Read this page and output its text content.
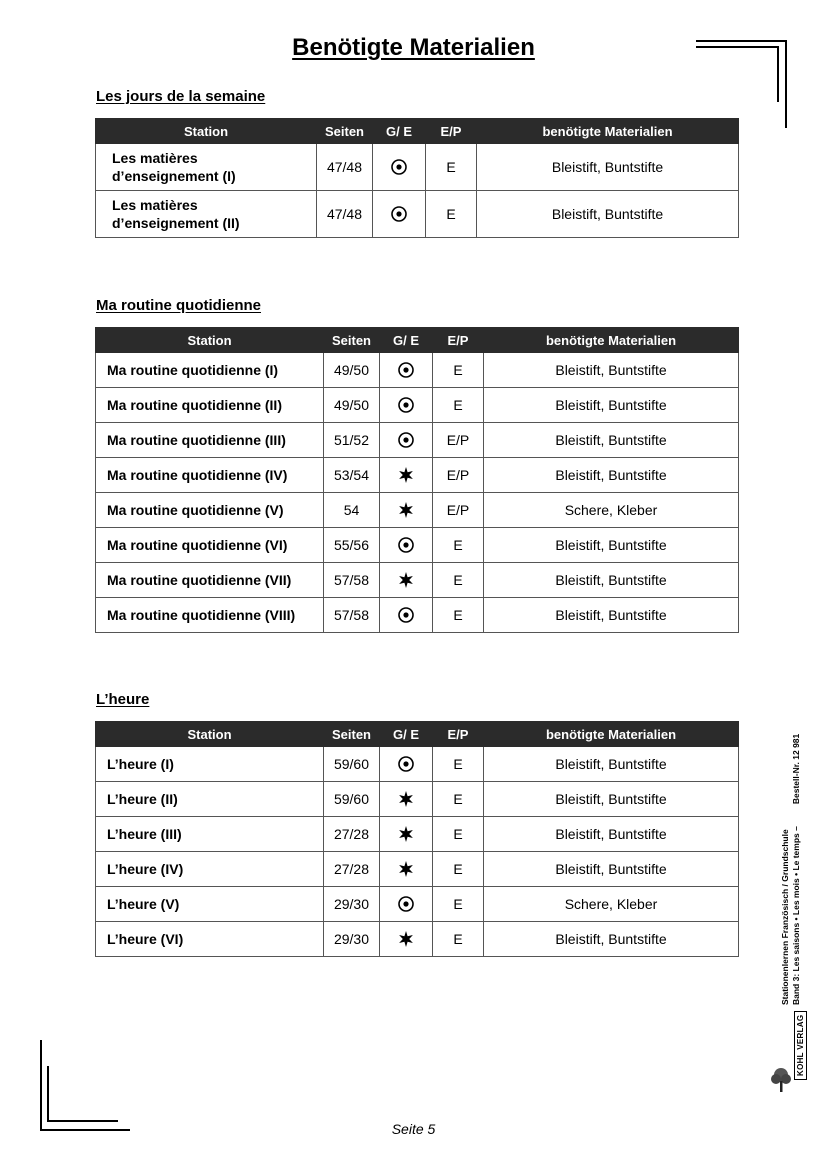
Benötigte Materialien
Les jours de la semaine
Station	Seiten	G/ E	E/P	benötigte Materialien

Les matières
d’enseignement (I)	47/48		E	Bleistift, Buntstifte

Les matières
d’enseignement (II)	47/48		E	Bleistift, Buntstifte
Ma routine quotidienne
Station	Seiten	G/ E	E/P	benötigte Materialien
Ma routine quotidienne (I)	49/50		E	Bleistift, Buntstifte
Ma routine quotidienne (II)	49/50		E	Bleistift, Buntstifte
Ma routine quotidienne (III)	51/52		E/P	Bleistift, Buntstifte
Ma routine quotidienne (IV)	53/54		E/P	Bleistift, Buntstifte
Ma routine quotidienne (V)	54		E/P	Schere, Kleber
Ma routine quotidienne (VI)	55/56		E	Bleistift, Buntstifte
Ma routine quotidienne (VII)	57/58		E	Bleistift, Buntstifte
Ma routine quotidienne (VIII)	57/58		E	Bleistift, Buntstifte
L’heure
Station	Seiten	G/ E	E/P	benötigte Materialien
L’heure (I)	59/60		E	Bleistift, Buntstifte
L’heure (II)	59/60		E	Bleistift, Buntstifte
L’heure (III)	27/28		E	Bleistift, Buntstifte
L’heure (IV)	27/28		E	Bleistift, Buntstifte
L’heure (V)	29/30		E	Schere, Kleber
L’heure (VI)	29/30		E	Bleistift, Buntstifte	Stationenlernen Französisch / Grundschule Band 3: Les saisons • Les mois • Le temps –Bestell-Nr. 12 981
KOHL VERLAG
Seite 5
